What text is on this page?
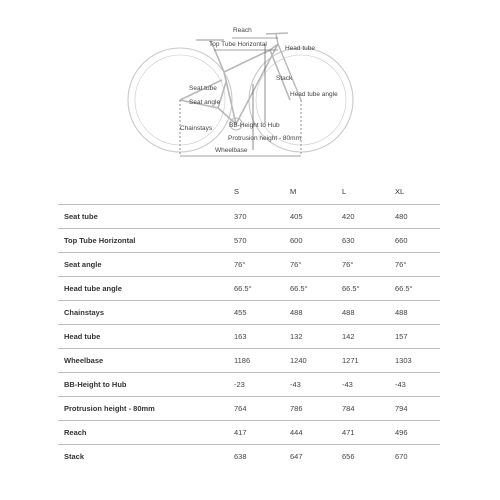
Reach
Top Tube Horizontal
Head tube
Stack
Head tube angle
Seat tube
Seat angle
Chainstays	BB-Height to Hub
Protrusion height - 80mm
Wheelbase
S	M	L	XL
Seat tube	370	405	420	480
Top Tube Horizontal	570	600	630	660
Seat angle	76°	76°	76°	76°
Head tube angle	66.5°	66.5°	66.5°	66.5°
Chainstays	455	488	488	488
Head tube	163	132	142	157
Wheelbase	1186	1240	1271	1303
BB-Height to Hub	-23	-43	-43	-43
Protrusion height - 80mm	764	786	784	794
Reach	417	444	471	496
Stack	638	647	656	670
